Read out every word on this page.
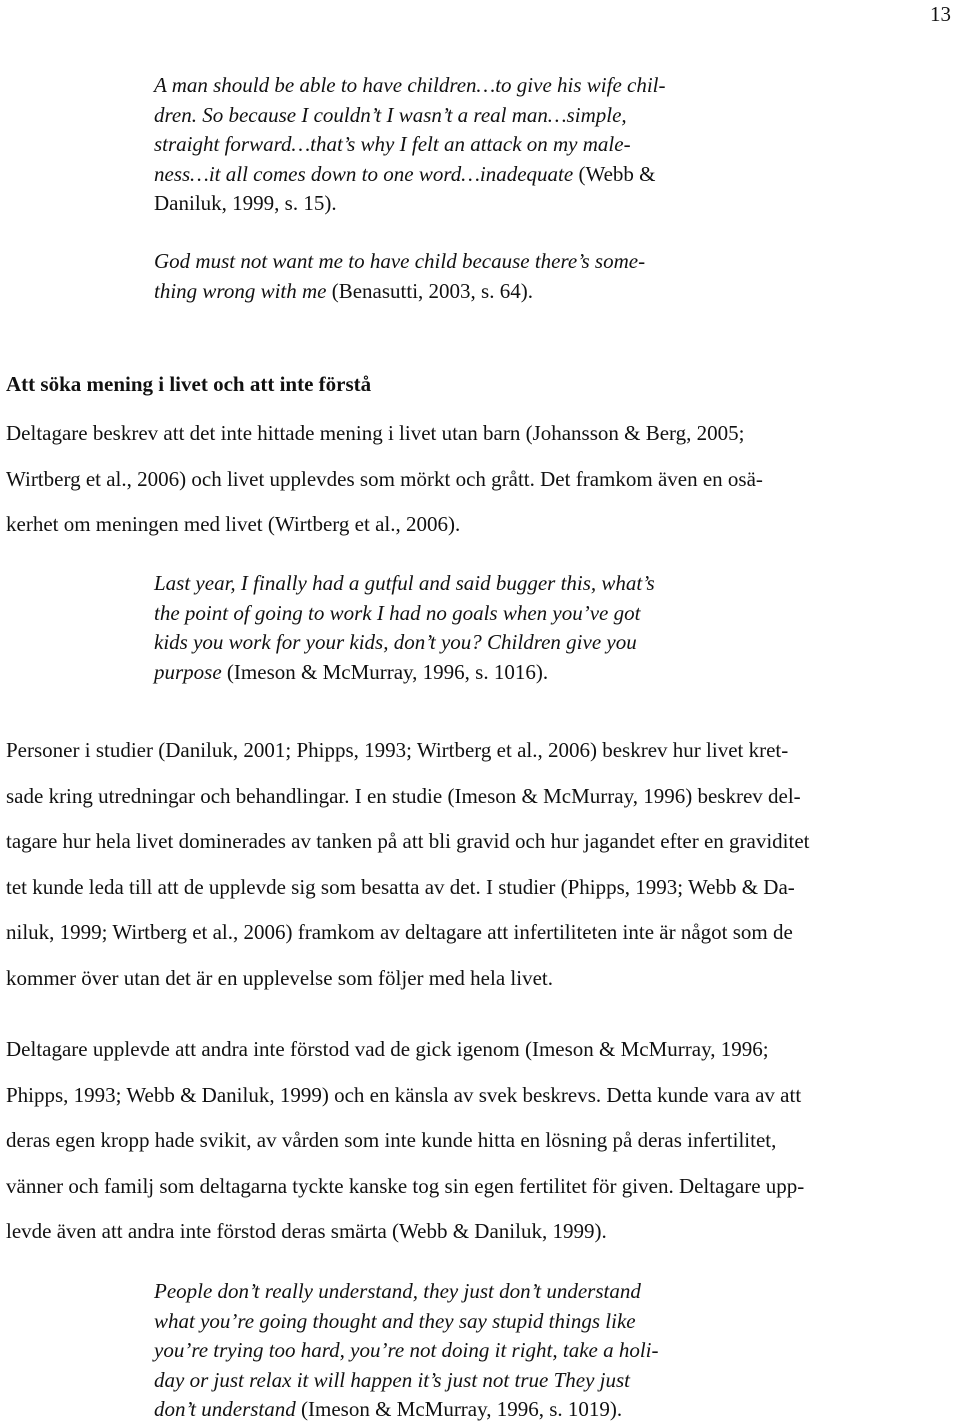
13
A man should be able to have children…to give his wife chil-
dren. So because I couldn’t I wasn’t a real man…simple,
straight forward…that’s why I felt an attack on my male-
ness…it all comes down to one word…inadequate (Webb &
Daniluk, 1999, s. 15).
God must not want me to have child because there’s some-
thing wrong with me (Benasutti, 2003, s. 64).
Att söka mening i livet och att inte förstå
Deltagare beskrev att det inte hittade mening i livet utan barn (Johansson & Berg, 2005;
Wirtberg et al., 2006) och livet upplevdes som mörkt och grått. Det framkom även en osä-
kerhet om meningen med livet (Wirtberg et al., 2006).
Last year, I finally had a gutful and said bugger this, what’s
the point of going to work I had no goals when you’ve got
kids you work for your kids, don’t you? Children give you
purpose (Imeson & McMurray, 1996, s. 1016).
Personer i studier (Daniluk, 2001; Phipps, 1993; Wirtberg et al., 2006) beskrev hur livet kret-
sade kring utredningar och behandlingar. I en studie (Imeson & McMurray, 1996) beskrev del-
tagare hur hela livet dominerades av tanken på att bli gravid och hur jagandet efter en graviditet
tet kunde leda till att de upplevde sig som besatta av det. I studier (Phipps, 1993; Webb & Da-
niluk, 1999; Wirtberg et al., 2006) framkom av deltagare att infertiliteten inte är något som de
kommer över utan det är en upplevelse som följer med hela livet.
Deltagare upplevde att andra inte förstod vad de gick igenom (Imeson & McMurray, 1996;
Phipps, 1993; Webb & Daniluk, 1999) och en känsla av svek beskrevs. Detta kunde vara av att
deras egen kropp hade svikit, av vården som inte kunde hitta en lösning på deras infertilitet,
vänner och familj som deltagarna tyckte kanske tog sin egen fertilitet för given. Deltagare upp-
levde även att andra inte förstod deras smärta (Webb & Daniluk, 1999).
People don’t really understand, they just don’t understand
what you’re going thought and they say stupid things like
you’re trying too hard, you’re not doing it right, take a holi-
day or just relax it will happen it’s just not true They just
don’t understand (Imeson & McMurray, 1996, s. 1019).
